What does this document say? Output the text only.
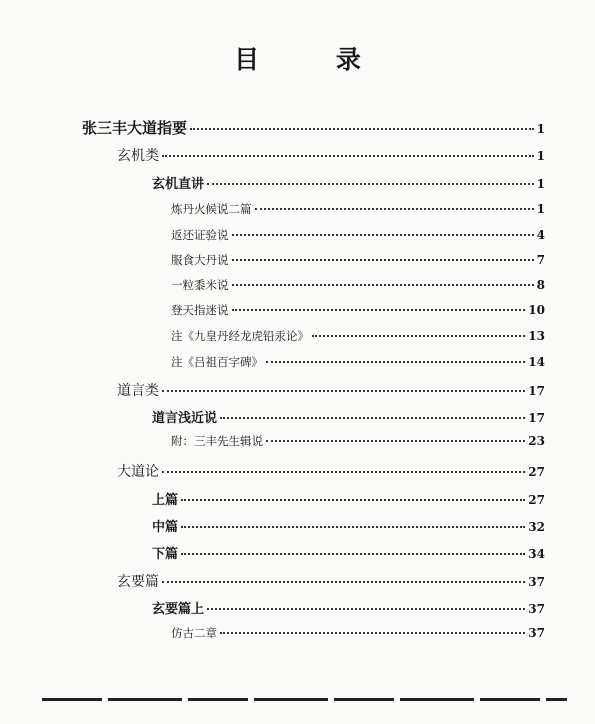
目 录
张三丰大道指要	1
玄机类	1
玄机直讲	1
炼丹火候说二篇	1
返还证验说	4
服食大丹说	7
一粒黍米说	8
登天指迷说	10
注《九皇丹经龙虎铅汞论》	13
注《吕祖百字碑》	14
道言类	17
道言浅近说	17
附：三丰先生辑说	23
大道论	27
上篇	27
中篇	32
下篇	34
玄要篇	37
玄要篇上	37
仿古二章	37
